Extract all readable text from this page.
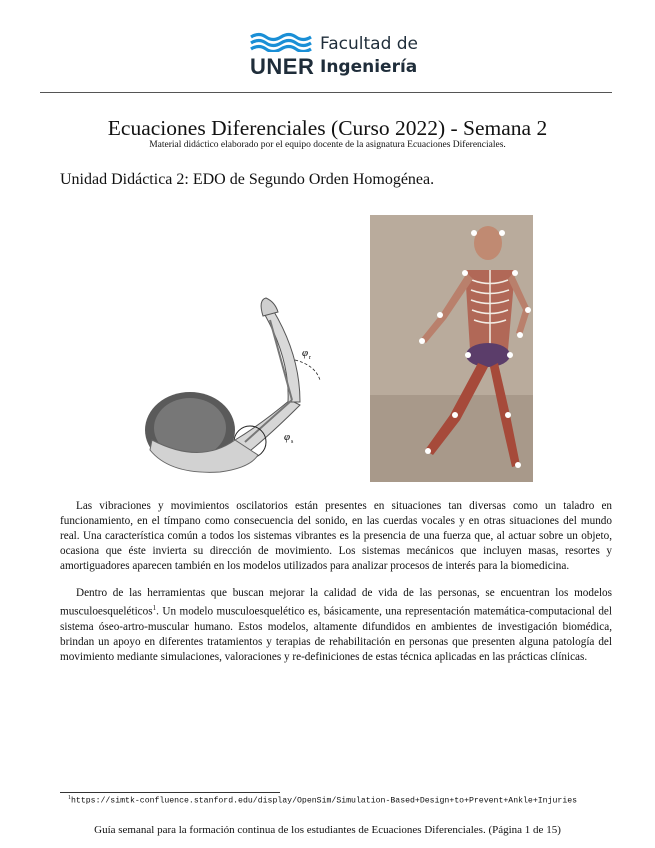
UNER
Facultad de
Ingeniería
Ecuaciones Diferenciales (Curso 2022) - Semana 2
Material didáctico elaborado por el equipo docente de la asignatura Ecuaciones Diferenciales.
Unidad Didáctica 2: EDO de Segundo Orden Homogénea.
φ r
φ s
Las vibraciones y movimientos oscilatorios están presentes en situaciones tan diversas como un taladro en funcionamiento, en el tímpano como consecuencia del sonido, en las cuerdas vocales y en otras situaciones del mundo real. Una característica común a todos los sistemas vibrantes es la presencia de una fuerza que, al actuar sobre un objeto, ocasiona que éste invierta su dirección de movimiento. Los sistemas mecánicos que incluyen masas, resortes y amortiguadores aparecen también en los modelos utilizados para analizar procesos de interés para la biomedicina.
Dentro de las herramientas que buscan mejorar la calidad de vida de las personas, se encuentran los modelos musculoesqueléticos$^1$. Un modelo musculoesquelético es, básicamente, una representación matemática-computacional del sistema óseo-artro-muscular humano. Estos modelos, altamente difundidos en ambientes de investigación biomédica, brindan un apoyo en diferentes tratamientos y terapias de rehabilitación en personas que presenten alguna patología del movimiento mediante simulaciones, valoraciones y re-definiciones de estas técnica aplicadas en las prácticas clínicas.
$^1$https://simtk-confluence.stanford.edu/display/OpenSim/Simulation-Based+Design+to+Prevent+Ankle+Injuries
Guía semanal para la formación continua de los estudiantes de Ecuaciones Diferenciales. (Página 1 de 15)
